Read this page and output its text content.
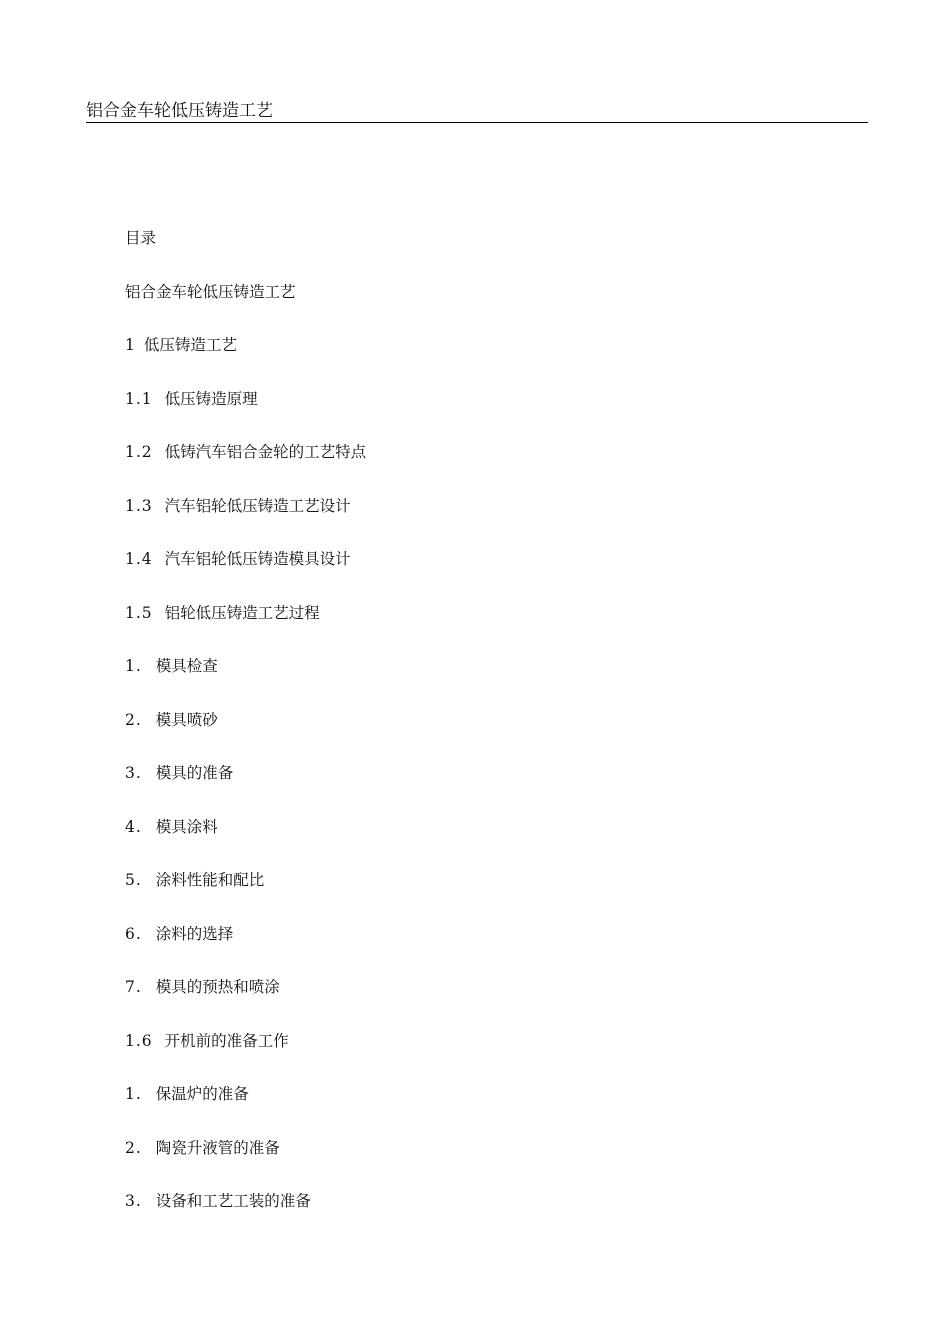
铝合金车轮低压铸造工艺
目录
铝合金车轮低压铸造工艺
1 低压铸造工艺
1.1 低压铸造原理
1.2 低铸汽车铝合金轮的工艺特点
1.3 汽车铝轮低压铸造工艺设计
1.4 汽车铝轮低压铸造模具设计
1.5 铝轮低压铸造工艺过程
1. 模具检查
2. 模具喷砂
3. 模具的准备
4. 模具涂料
5. 涂料性能和配比
6. 涂料的选择
7. 模具的预热和喷涂
1.6 开机前的准备工作
1. 保温炉的准备
2. 陶瓷升液管的准备
3. 设备和工艺工装的准备
